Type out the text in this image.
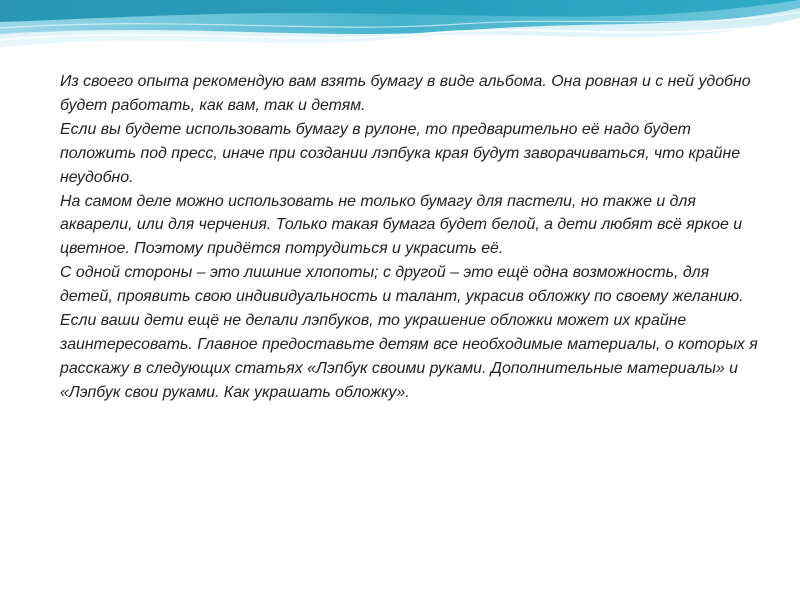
Из своего опыта рекомендую вам взять бумагу в виде альбома. Она ровная и с ней удобно будет работать, как вам, так и детям.

Если вы будете использовать бумагу в рулоне, то предварительно её надо будет положить под пресс, иначе при создании лэпбука края будут заворачиваться, что крайне неудобно.

На самом деле можно использовать не только бумагу для пастели, но также и для акварели, или для черчения. Только такая бумага будет белой, а дети любят всё яркое и цветное. Поэтому придётся потрудиться и украсить её.

С одной стороны – это лишние хлопоты; с другой – это ещё одна возможность, для детей, проявить свою индивидуальность и талант, украсив обложку по своему желанию.

Если ваши дети ещё не делали лэпбуков, то украшение обложки может их крайне заинтересовать. Главное предоставьте детям все необходимые материалы, о которых я расскажу в следующих статьях «Лэпбук своими руками. Дополнительные материалы» и «Лэпбук свои руками. Как украшать обложку».
